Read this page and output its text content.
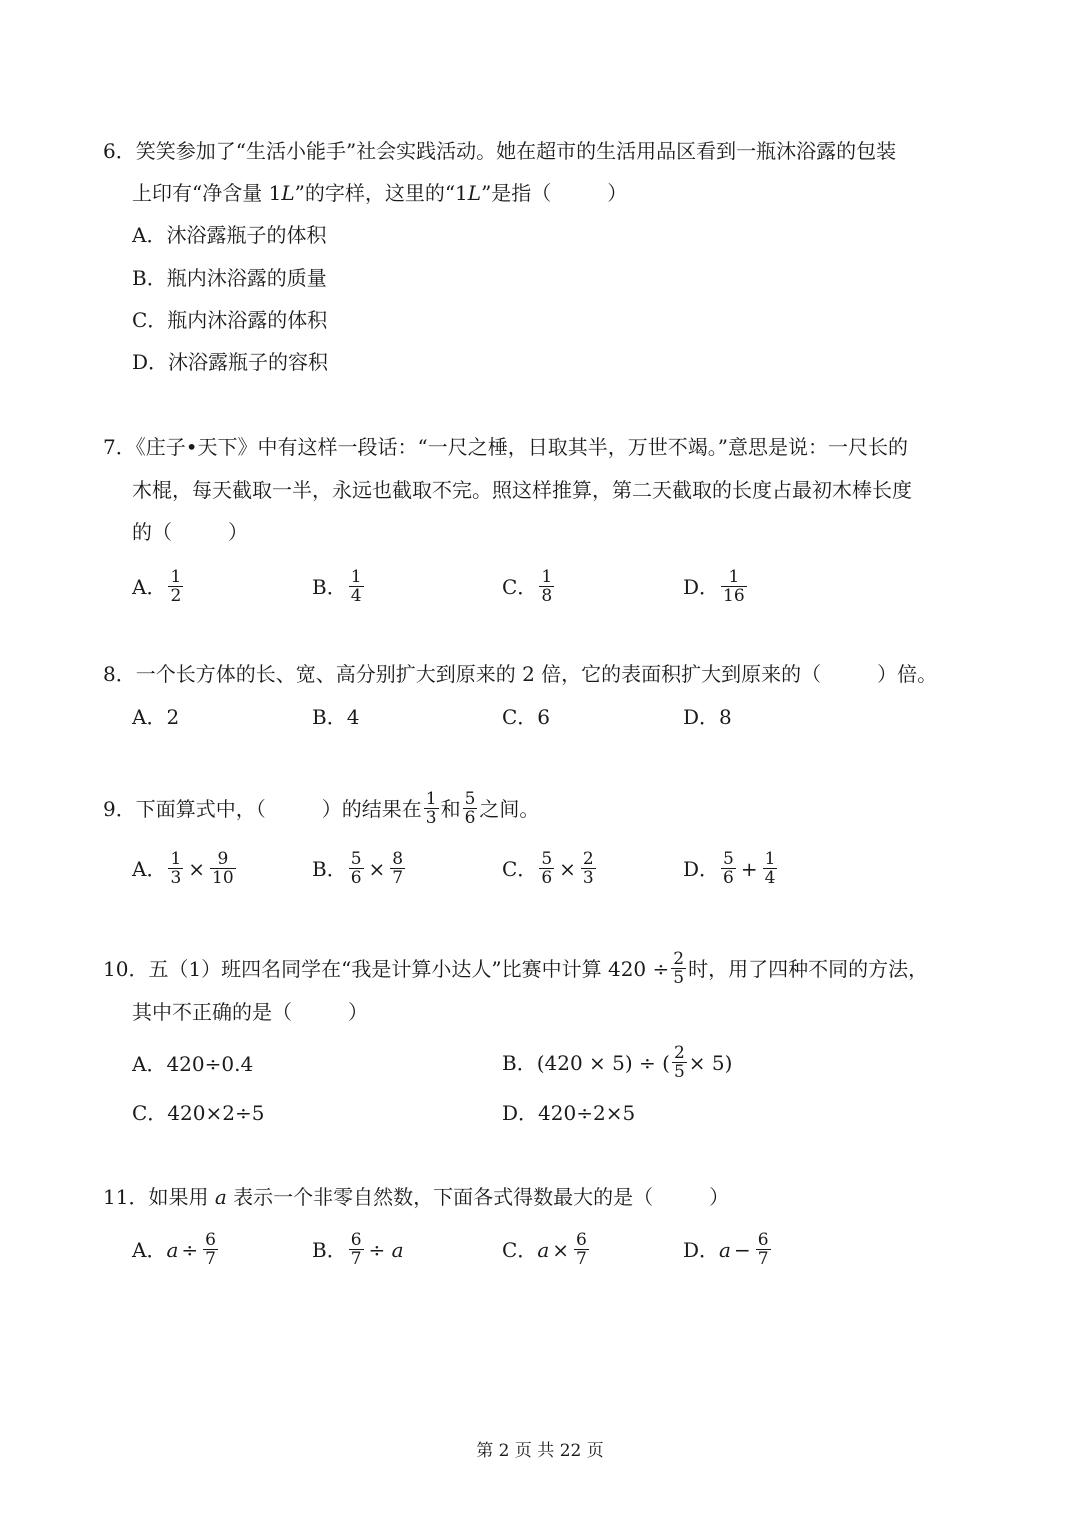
6．笑笑参加了“生活小能手”社会实践活动。她在超市的生活用品区看到一瓶沐浴露的包装
上印有“净含量 1L”的字样，这里的“1L”是指（	）
A．沐浴露瓶子的体积
B．瓶内沐浴露的质量
C．瓶内沐浴露的体积
D．沐浴露瓶子的容积
7．《庄子•天下》中有这样一段话：“一尺之棰，日取其半，万世不竭。”意思是说：一尺长的
木棍，每天截取一半，永远也截取不完。照这样推算，第二天截取的长度占最初木棒长度
的（	）
A． $\frac{1}{2}$	B． $\frac{1}{4}$	C． $\frac{1}{8}$	D． $\frac{1}{16}$
8．一个长方体的长、宽、高分别扩大到原来的 2 倍，它的表面积扩大到原来的（	）倍。
A．2	B．4	C．6	D．8
9．下面算式中，（	）的结果在 $\frac{1}{3}$ 和 $\frac{5}{6}$ 之间。
A． $\frac{1}{3} \times \frac{9}{10}$	B． $\frac{5}{6} \times \frac{8}{7}$	C． $\frac{5}{6} \times \frac{2}{3}$	D． $\frac{5}{6} + \frac{1}{4}$
10．五（1）班四名同学在“我是计算小达人”比赛中计算 $420 \div \frac{2}{5}$ 时，用了四种不同的方法，
其中不正确的是（	）
A．420÷0.4	B．(420 × 5) ÷ ( $\frac{2}{5} \times 5$)
C．420×2÷5	D．420÷2×5
11．如果用 a 表示一个非零自然数，下面各式得数最大的是（	）
A． $a \div \frac{6}{7}$	B． $\frac{6}{7} \div a$	C． $a \times \frac{6}{7}$	D． $a - \frac{6}{7}$
第 2 页 共 22 页
